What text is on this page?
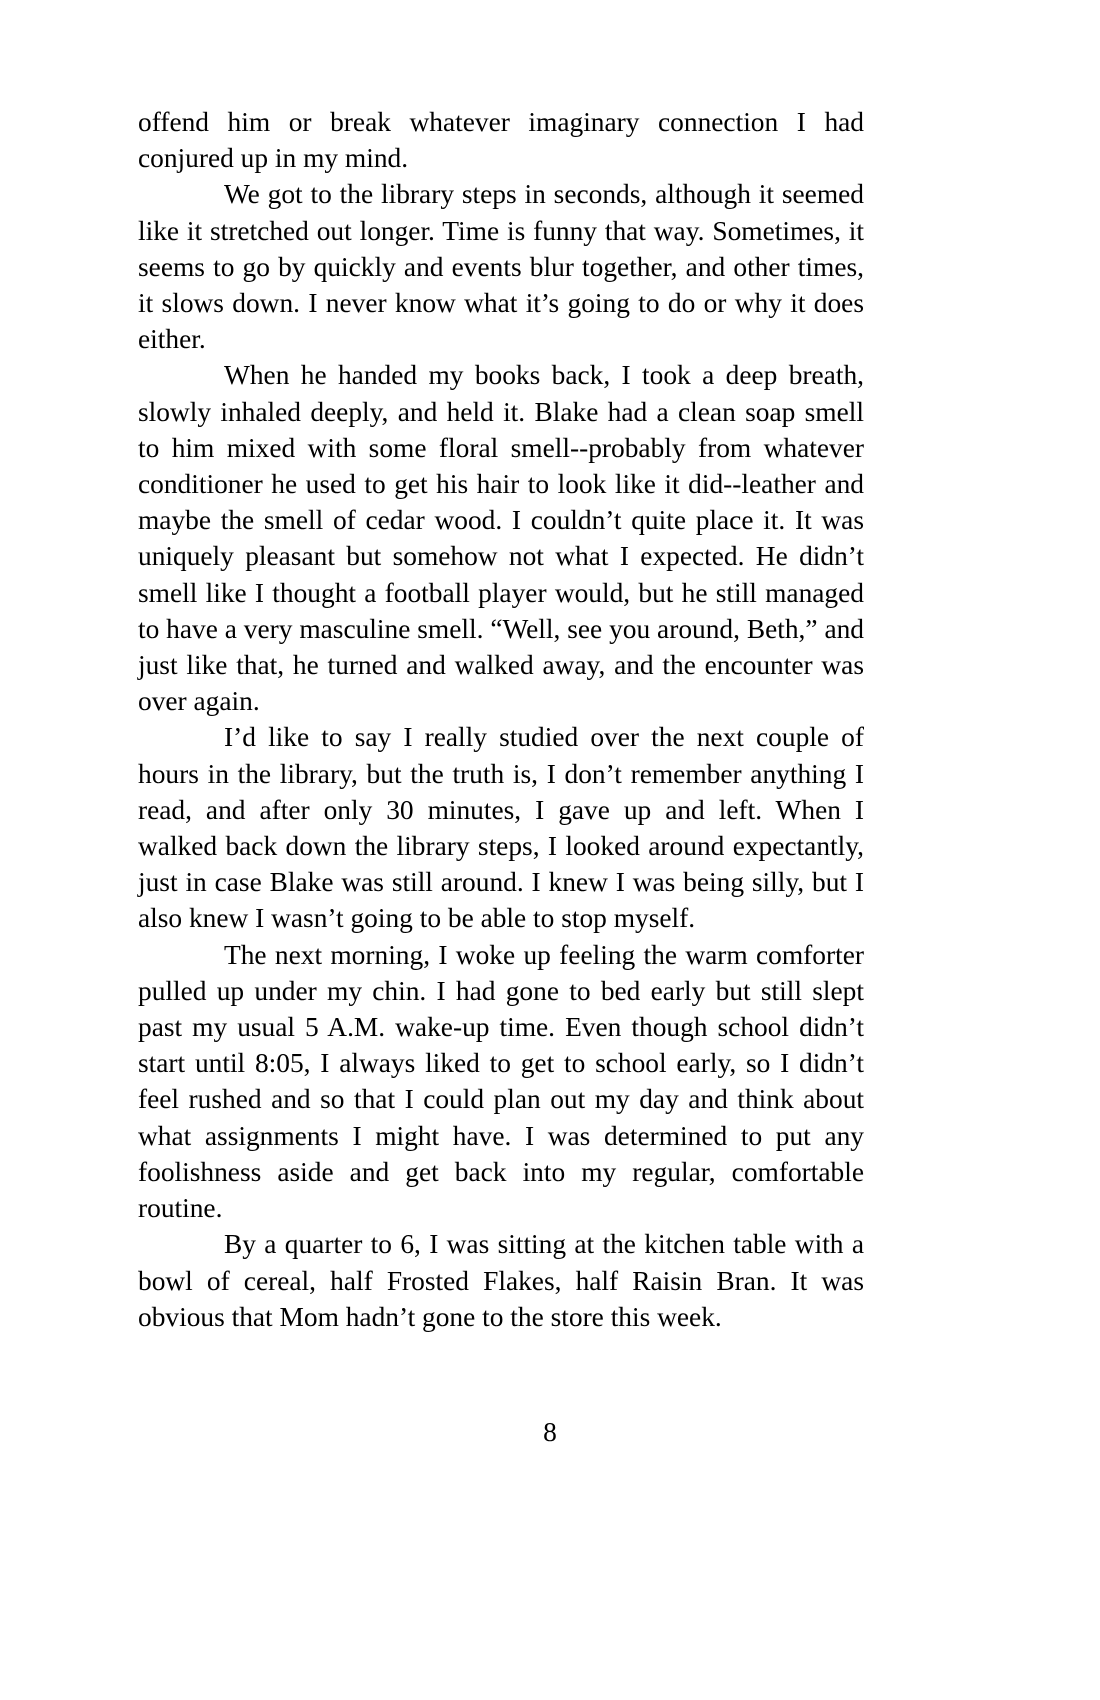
offend him or break whatever imaginary connection I had conjured up in my mind.

We got to the library steps in seconds, although it seemed like it stretched out longer. Time is funny that way. Sometimes, it seems to go by quickly and events blur together, and other times, it slows down. I never know what it’s going to do or why it does either.

When he handed my books back, I took a deep breath, slowly inhaled deeply, and held it. Blake had a clean soap smell to him mixed with some floral smell--probably from whatever conditioner he used to get his hair to look like it did--leather and maybe the smell of cedar wood. I couldn’t quite place it. It was uniquely pleasant but somehow not what I expected. He didn’t smell like I thought a football player would, but he still managed to have a very masculine smell. “Well, see you around, Beth,” and just like that, he turned and walked away, and the encounter was over again.

I’d like to say I really studied over the next couple of hours in the library, but the truth is, I don’t remember anything I read, and after only 30 minutes, I gave up and left. When I walked back down the library steps, I looked around expectantly, just in case Blake was still around. I knew I was being silly, but I also knew I wasn’t going to be able to stop myself.

The next morning, I woke up feeling the warm comforter pulled up under my chin. I had gone to bed early but still slept past my usual 5 A.M. wake-up time. Even though school didn’t start until 8:05, I always liked to get to school early, so I didn’t feel rushed and so that I could plan out my day and think about what assignments I might have. I was determined to put any foolishness aside and get back into my regular, comfortable routine.

By a quarter to 6, I was sitting at the kitchen table with a bowl of cereal, half Frosted Flakes, half Raisin Bran. It was obvious that Mom hadn’t gone to the store this week.

8
